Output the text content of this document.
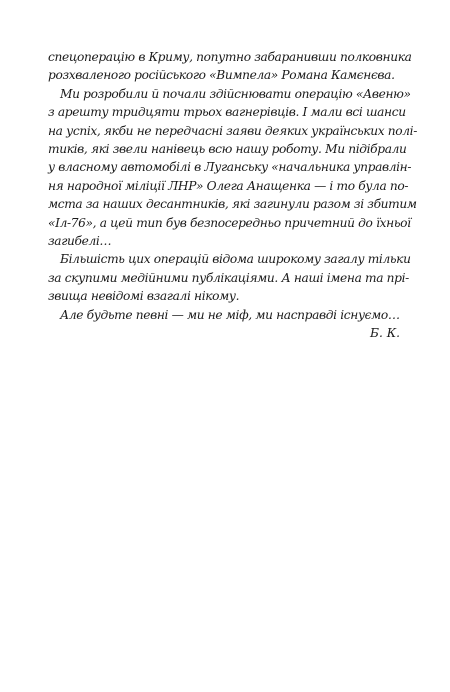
спецоперацію в Криму, попутно забаранивши полковника
розхваленого російського «Вимпела» Романа Камєнєва.
Ми розробили й почали здійснювати операцію «Авеню»
з арешту тридцяти трьох вагнерівців. І мали всі шанси
на успіх, якби не передчасні заяви деяких українських полі-
тиків, які звели нанівець всю нашу роботу. Ми підібрали
у власному автомобілі в Луганську «начальника управлін-
ня народної міліції ЛНР» Олега Анащенка — і то була по-
мста за наших десантників, які загинули разом зі збитим
«Іл-76», а цей тип був безпосередньо причетний до їхньої
загибелі…
Більшість цих операцій відома широкому загалу тільки
за скупими медійними публікаціями. А наші імена та прі-
звища невідомі взагалі нікому.
Але будьте певні — ми не міф, ми насправді існуємо…
Б. К.
